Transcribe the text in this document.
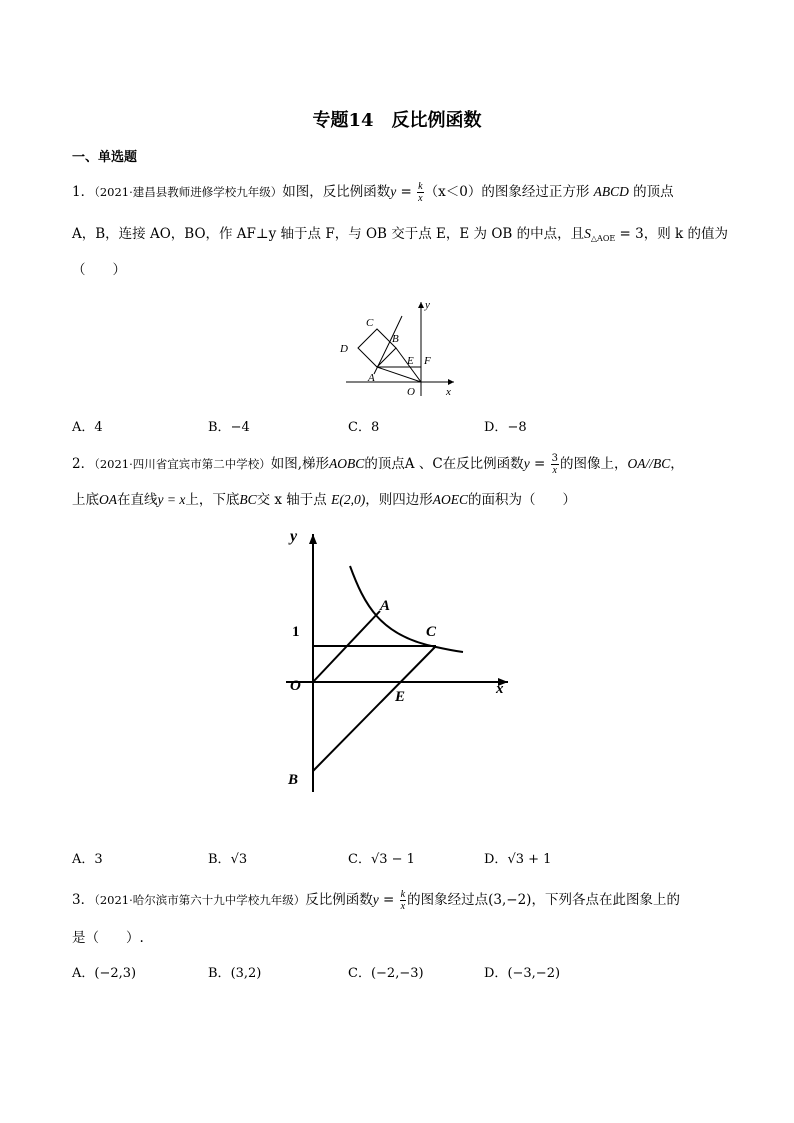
专题14　反比例函数
一、单选题
1．（2021·建昌县教师进修学校九年级）如图，反比例函数$y = \frac{k}{x} (x<0)$的图象经过正方形 ABCD 的顶点
A，B，连接 AO，BO，作 AF⊥y 轴于点 F，与 OB 交于点 E，E 为 OB 的中点，且$S_{\triangle AOE} = 3$，则 k 的值为
（　　）
C
B
D
E F
A
O	x
y
A．4	B．−4	C．8	D．−8
2．（2021·四川省宜宾市第二中学校）如图,梯形AOBC的顶点A 、C在反比例函数$y = \frac{3}{x}$ 的图像上，OA//BC，
上底OA在直线y = x上，下底BC交 x 轴于点 E(2,0)，则四边形AOEC的面积为（　　）
y
1
A
C
O
E	x
B
A．3	B．√3	C．√3 − 1	D．√3 + 1
3．（2021·哈尔滨市第六十九中学校九年级）反比例函数$y = \frac{k}{x}$ 的图象经过点(3,−2)，下列各点在此图象上的
是（　　）.
A．(−2,3)	B．(3,2)	C．(−2,−3)	D．(−3,−2)
